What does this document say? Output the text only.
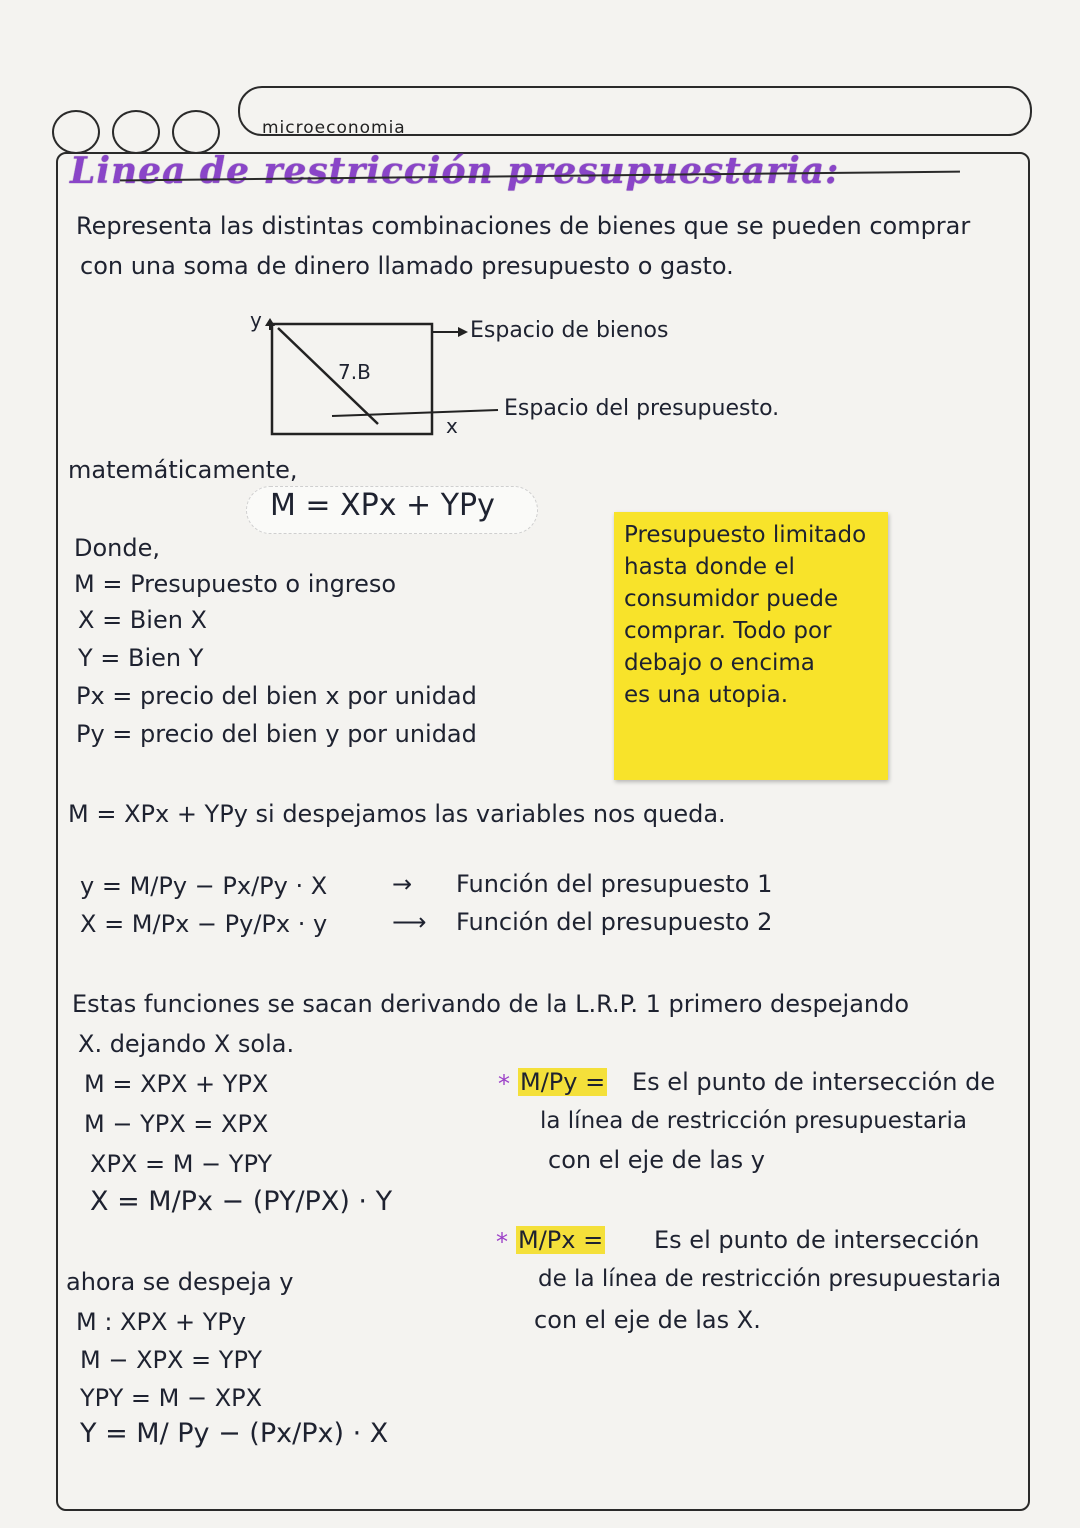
microeconomia
Linea de restricción presupuestaria:
Representa las distintas combinaciones de bienes que se pueden comprar
con una soma de dinero llamado presupuesto o gasto.
y
x
7.B
Espacio de bienos
Espacio del presupuesto.
matemáticamente,
M = XPx + YPy
Donde,
M = Presupuesto o ingreso
X = Bien X
Y = Bien Y
Px = precio del bien x por unidad
Py = precio del bien y por unidad
Presupuesto limitado
hasta donde el
consumidor puede
comprar. Todo por
debajo o encima
es una utopia.
M = XPx + YPy si despejamos las variables nos queda.
y = M/Py − Px/Py · X	→ Función del presupuesto 1
X = M/Px − Py/Px · y	⟶ Función del presupuesto 2
Estas funciones se sacan derivando de la L.R.P. 1 primero despejando
X. dejando X sola.
M = XPX + YPX
M − YPX = XPX
XPX = M − YPY
X = M/Px − (PY/PX) · Y
ahora se despeja y
M : XPX + YPy
M − XPX = YPY
YPY = M − XPX
Y = M/ Py − (Px/Px) · X
* M/Py = Es el punto de intersección de
la línea de restricción presupuestaria
con el eje de las y
* M/Px = Es el punto de intersección
de la línea de restricción presupuestaria
con el eje de las X.
